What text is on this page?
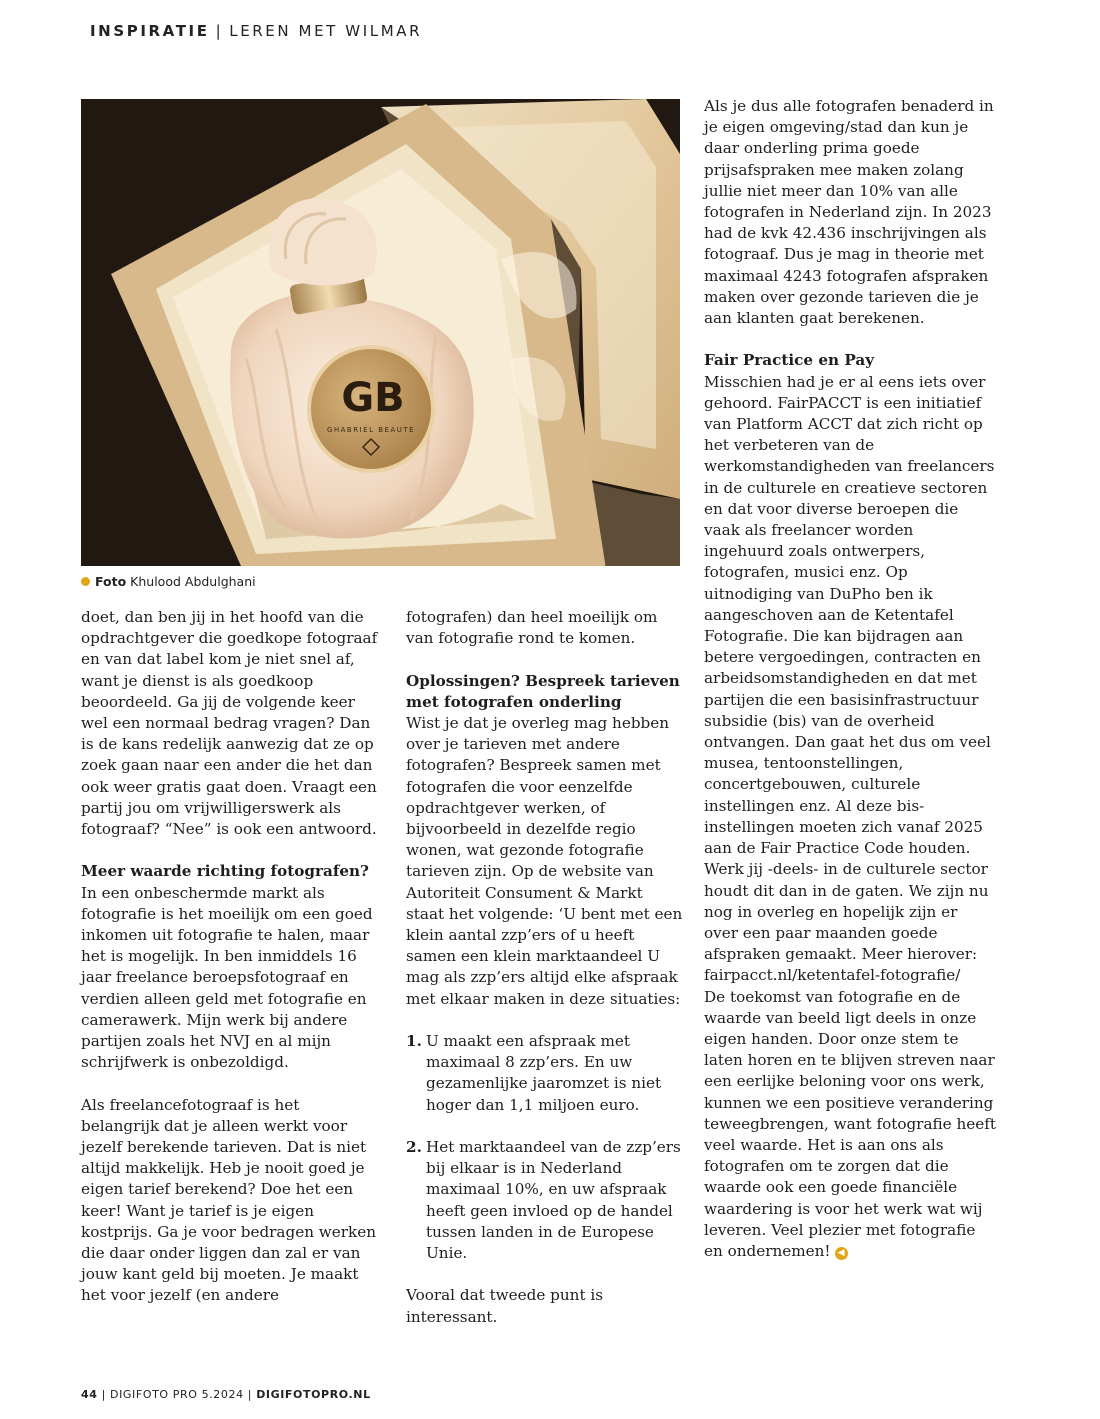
INSPIRATIE | LEREN MET WILMAR
GB
GHABRIEL BEAUTE
Foto Khulood Abdulghani

doet, dan ben jij in het hoofd van die opdrachtgever die goedkope fotograaf en van dat label kom je niet snel af, want je dienst is als goedkoop beoordeeld. Ga jij de volgende keer wel een normaal bedrag vragen? Dan is de kans redelijk aanwezig dat ze op zoek gaan naar een ander die het dan ook weer gratis gaat doen. Vraagt een partij jou om vrijwilligerswerk als fotograaf? “Nee” is ook een antwoord.

Meer waarde richting fotografen?

In een onbeschermde markt als fotografie is het moeilijk om een goed inkomen uit fotografie te halen, maar het is mogelijk. In ben inmiddels 16 jaar freelance beroepsfotograaf en verdien alleen geld met fotografie en camerawerk. Mijn werk bij andere partijen zoals het NVJ en al mijn schrijfwerk is onbezoldigd.

Als freelancefotograaf is het belangrijk dat je alleen werkt voor jezelf berekende tarieven. Dat is niet altijd makkelijk. Heb je nooit goed je eigen tarief berekend? Doe het een keer! Want je tarief is je eigen kostprijs. Ga je voor bedragen werken die daar onder liggen dan zal er van jouw kant geld bij moeten. Je maakt het voor jezelf (en andere

fotografen) dan heel moeilijk om van fotografie rond te komen.

Oplossingen? Bespreek tarieven met fotografen onderling

Wist je dat je overleg mag hebben over je tarieven met andere fotografen? Bespreek samen met fotografen die voor eenzelfde opdrachtgever werken, of bijvoorbeeld in dezelfde regio wonen, wat gezonde fotografie tarieven zijn. Op de website van Autoriteit Consument & Markt staat het volgende: ‘U bent met een klein aantal zzp’ers of u heeft samen een klein marktaandeel U mag als zzp’ers altijd elke afspraak met elkaar maken in deze situaties:

1. U maakt een afspraak met maximaal 8 zzp’ers. En uw gezamenlijke jaaromzet is niet hoger dan 1,1 miljoen euro.
2. Het marktaandeel van de zzp’ers bij elkaar is in Nederland maximaal 10%, en uw afspraak heeft geen invloed op de handel tussen landen in de Europese Unie.

Vooral dat tweede punt is interessant.

Als je dus alle fotografen benaderd in je eigen omgeving/stad dan kun je daar onderling prima goede prijsafspraken mee maken zolang jullie niet meer dan 10% van alle fotografen in Nederland zijn. In 2023 had de kvk 42.436 inschrijvingen als fotograaf. Dus je mag in theorie met maximaal 4243 fotografen afspraken maken over gezonde tarieven die je aan klanten gaat berekenen.

Fair Practice en Pay

Misschien had je er al eens iets over gehoord. FairPACCT is een initiatief van Platform ACCT dat zich richt op het verbeteren van de werkomstandigheden van freelancers in de culturele en creatieve sectoren en dat voor diverse beroepen die vaak als freelancer worden ingehuurd zoals ontwerpers, fotografen, musici enz. Op uitnodiging van DuPho ben ik aangeschoven aan de Ketentafel Fotografie. Die kan bijdragen aan betere vergoedingen, contracten en arbeidsomstandigheden en dat met partijen die een basisinfrastructuur subsidie (bis) van de overheid ontvangen. Dan gaat het dus om veel musea, tentoonstellingen, concertgebouwen, culturele instellingen enz. Al deze bis-instellingen moeten zich vanaf 2025 aan de Fair Practice Code houden. Werk jij -deels- in de culturele sector houdt dit dan in de gaten. We zijn nu nog in overleg en hopelijk zijn er over een paar maanden goede afspraken gemaakt. Meer hierover: fairpacct.nl/ketentafel-fotografie/

De toekomst van fotografie en de waarde van beeld ligt deels in onze eigen handen. Door onze stem te laten horen en te blijven streven naar een eerlijke beloning voor ons werk, kunnen we een positieve verandering teweegbrengen, want fotografie heeft veel waarde. Het is aan ons als fotografen om te zorgen dat die waarde ook een goede financiële waardering is voor het werk wat wij leveren. Veel plezier met fotografie en ondernemen! ◀

44 | DIGIFOTO PRO 5.2024 | DIGIFOTOPRO.NL
